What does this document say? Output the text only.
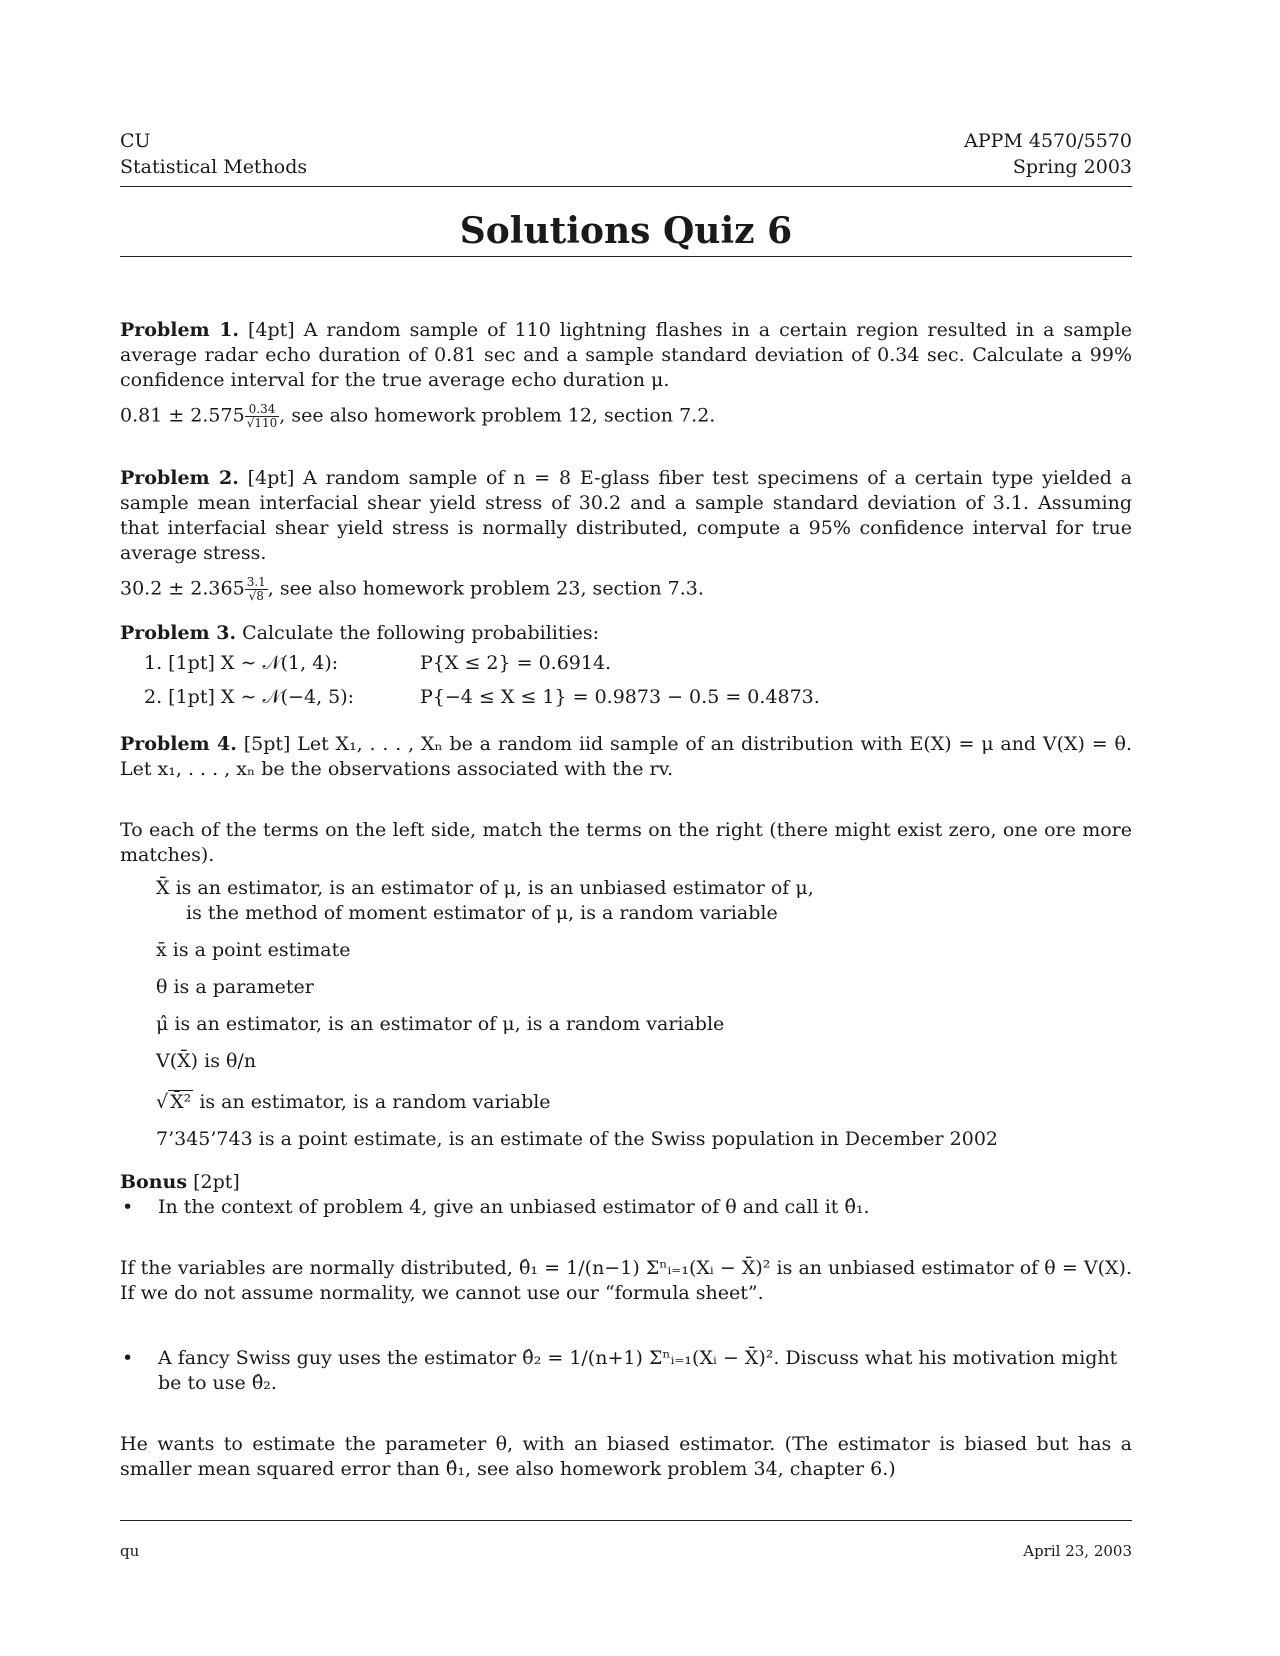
CU
Statistical Methods
APPM 4570/5570
Spring 2003
Solutions Quiz 6

Problem 1. [4pt] A random sample of 110 lightning flashes in a certain region resulted in a sample average radar echo duration of 0.81 sec and a sample standard deviation of 0.34 sec. Calculate a 99% confidence interval for the true average echo duration μ.

$0.81 \pm 2.575 \frac{0.34}{√110}$ , see also homework problem 12, section 7.2.

Problem 2. [4pt] A random sample of n = 8 E-glass fiber test specimens of a certain type yielded a sample mean interfacial shear yield stress of 30.2 and a sample standard deviation of 3.1. Assuming that interfacial shear yield stress is normally distributed, compute a 95% confidence interval for true average stress.

$30.2 \pm 2.365 \frac{3.1}{√8}$ , see also homework problem 23, section 7.3.

Problem 3. Calculate the following probabilities:

1. [1pt] X ∼ 𝒩(1, 4):	P{X ≤ 2} = 0.6914.
2. [1pt] X ∼ 𝒩(−4, 5):	P{−4 ≤ X ≤ 1} = 0.9873 − 0.5 = 0.4873.

Problem 4. [5pt] Let X₁, . . . , Xₙ be a random iid sample of an distribution with E(X) = μ and V(X) = θ. Let x₁, . . . , xₙ be the observations associated with the rv.

To each of the terms on the left side, match the terms on the right (there might exist zero, one ore more matches).

X̄ is an estimator, is an estimator of μ, is an unbiased estimator of μ,
is the method of moment estimator of μ, is a random variable
x̄ is a point estimate
θ is a parameter
μ̂ is an estimator, is an estimator of μ, is a random variable
V(X̄) is θ/n
√ X̄² is an estimator, is a random variable
7’345’743 is a point estimate, is an estimate of the Swiss population in December 2002

Bonus [2pt]

• In the context of problem 4, give an unbiased estimator of θ and call it θ̂₁.

If the variables are normally distributed, θ̂₁ = 1/(n−1) Σⁿᵢ₌₁(Xᵢ − X̄)² is an unbiased estimator of θ = V(X). If we do not assume normality, we cannot use our “formula sheet”.

• A fancy Swiss guy uses the estimator θ̂₂ = 1/(n+1) Σⁿᵢ₌₁(Xᵢ − X̄)². Discuss what his motivation might be to use θ̂₂.

He wants to estimate the parameter θ, with an biased estimator. (The estimator is biased but has a smaller mean squared error than θ̂₁, see also homework problem 34, chapter 6.)

qu	April 23, 2003
